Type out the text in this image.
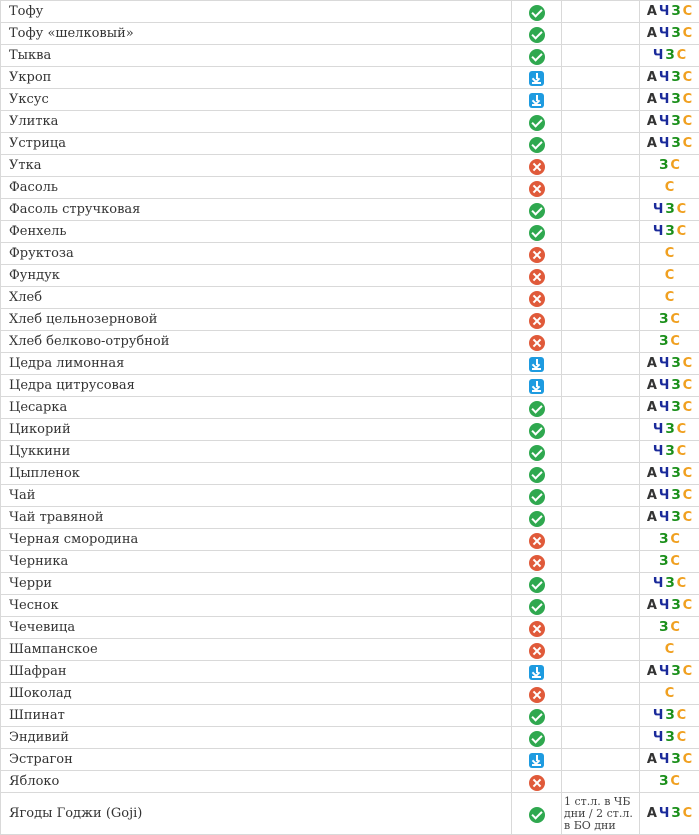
Тофу			А Ч З С
Тофу «шелковый»			А Ч З С
Тыква			Ч З С
Укроп			А Ч З С
Уксус			А Ч З С
Улитка			А Ч З С
Устрица			А Ч З С
Утка			З С
Фасоль			С
Фасоль стручковая			Ч З С
Фенхель			Ч З С
Фруктоза			С
Фундук			С
Хлеб			С
Хлеб цельнозерновой			З С
Хлеб белково-отрубной			З С
Цедра лимонная			А Ч З С
Цедра цитрусовая			А Ч З С
Цесарка			А Ч З С
Цикорий			Ч З С
Цуккини			Ч З С
Цыпленок			А Ч З С
Чай			А Ч З С
Чай травяной			А Ч З С
Черная смородина			З С
Черника			З С
Черри			Ч З С
Чеснок			А Ч З С
Чечевица			З С
Шампанское			С
Шафран			А Ч З С
Шоколад			С
Шпинат			Ч З С
Эндивий			Ч З С
Эстрагон			А Ч З С
Яблоко			З С
Ягоды Годжи (Goji)		1 ст.л. в ЧБ дни / 2 ст.л. в БО дни	А Ч З С
